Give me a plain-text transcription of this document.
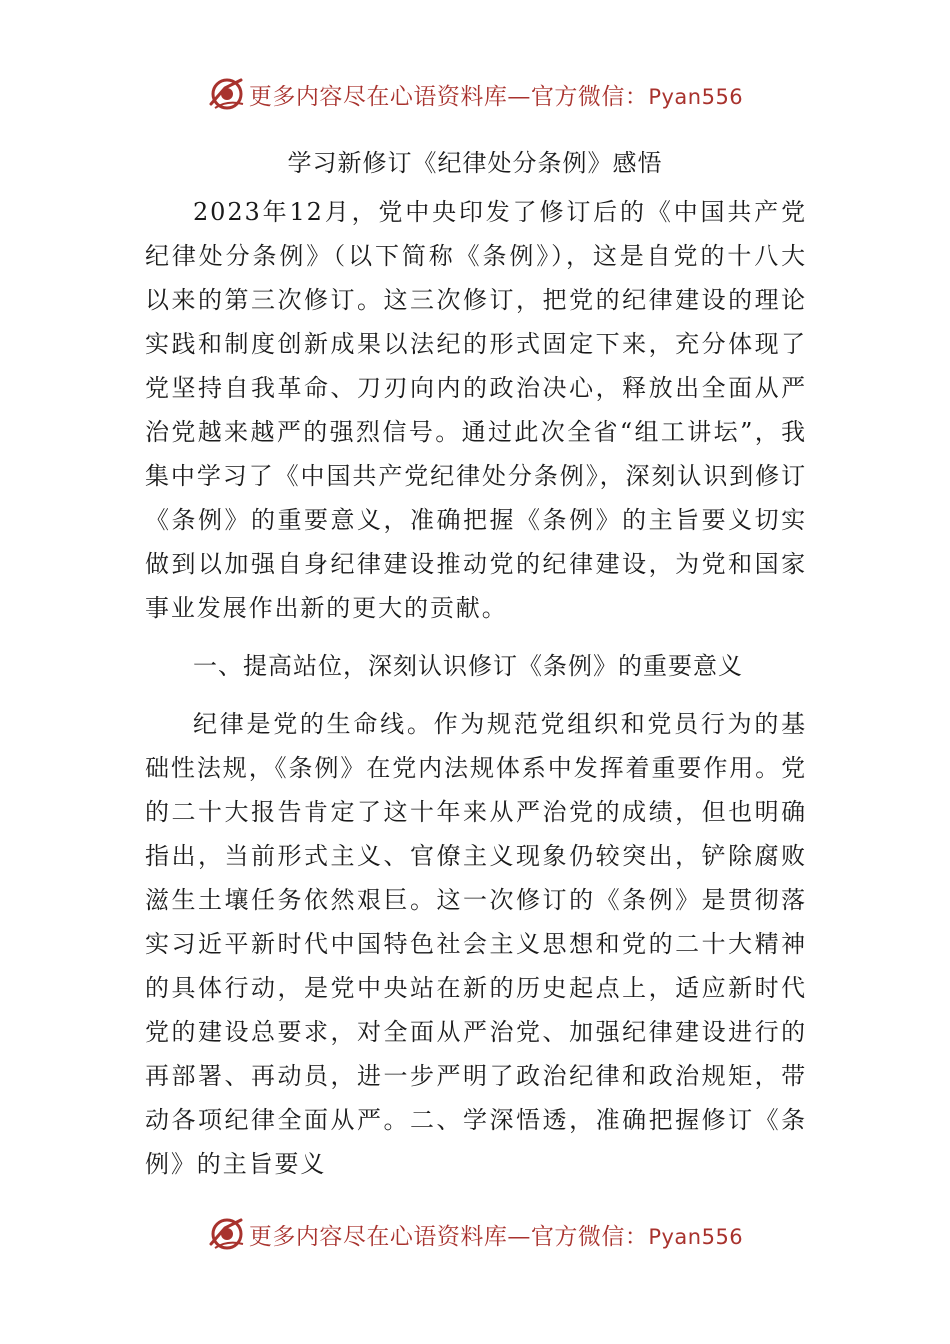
更多内容尽在心语资料库—官方微信：Pyan556
学习新修订《纪律处分条例》感悟

2023年12月，党中央印发了修订后的《中国共产党纪律处分条例》（以下简称《条例》），这是自党的十八大以来的第三次修订。这三次修订，把党的纪律建设的理论实践和制度创新成果以法纪的形式固定下来，充分体现了党坚持自我革命、刀刃向内的政治决心，释放出全面从严治党越来越严的强烈信号。通过此次全省“组工讲坛”，我集中学习了《中国共产党纪律处分条例》，深刻认识到修订《条例》的重要意义，准确把握《条例》的主旨要义切实做到以加强自身纪律建设推动党的纪律建设，为党和国家事业发展作出新的更大的贡献。

一、提高站位，深刻认识修订《条例》的重要意义

纪律是党的生命线。作为规范党组织和党员行为的基础性法规，《条例》在党内法规体系中发挥着重要作用。党的二十大报告肯定了这十年来从严治党的成绩，但也明确指出，当前形式主义、官僚主义现象仍较突出，铲除腐败滋生土壤任务依然艰巨。这一次修订的《条例》是贯彻落实习近平新时代中国特色社会主义思想和党的二十大精神的具体行动，是党中央站在新的历史起点上，适应新时代党的建设总要求，对全面从严治党、加强纪律建设进行的再部署、再动员，进一步严明了政治纪律和政治规矩，带动各项纪律全面从严。二、学深悟透，准确把握修订《条例》的主旨要义

更多内容尽在心语资料库—官方微信：Pyan556
